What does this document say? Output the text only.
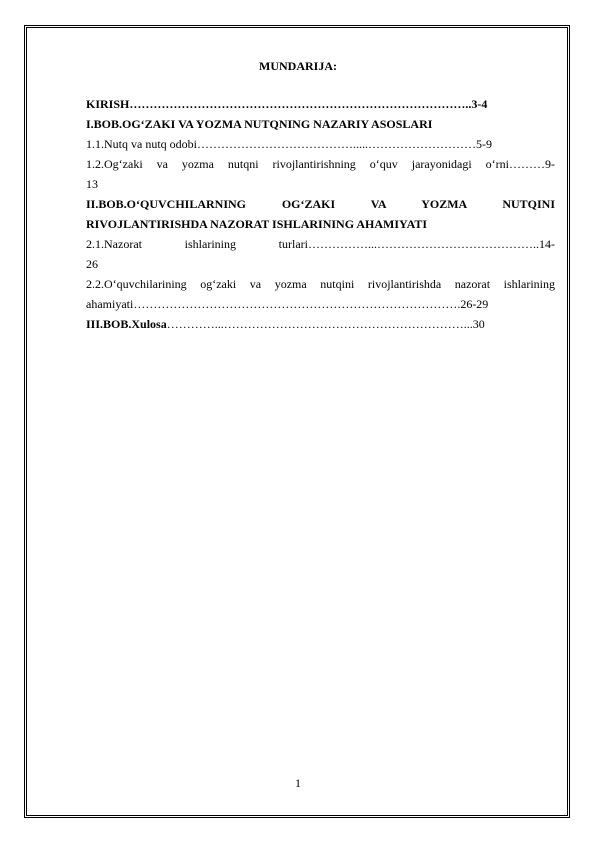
MUNDARIJA:
KIRISH…………………………………………………………………………..3-4
I.BOB.OG‘ZAKI VA YOZMA NUTQNING NAZARIY ASOSLARI
1.1.Nutq va nutq odobi………………………………….....………………………5-9
1.2.Og‘zaki va yozma nutqni rivojlantirishning o‘quv jarayonidagi o‘rni………9-
13
II.BOB.O‘QUVCHILARNING OG‘ZAKI VA YOZMA NUTQINI
RIVOJLANTIRISHDA NAZORAT ISHLARINING AHAMIYATI
2.1.Nazorat ishlarining turlari……………...…………………………………..14-
26
2.2.O‘quvchilarining og‘zaki va yozma nutqini rivojlantirishda nazorat ishlarining
ahamiyati……………………………………………………………………….26-29
III.BOB.Xulosa…………...……………………………………………………...30
1
